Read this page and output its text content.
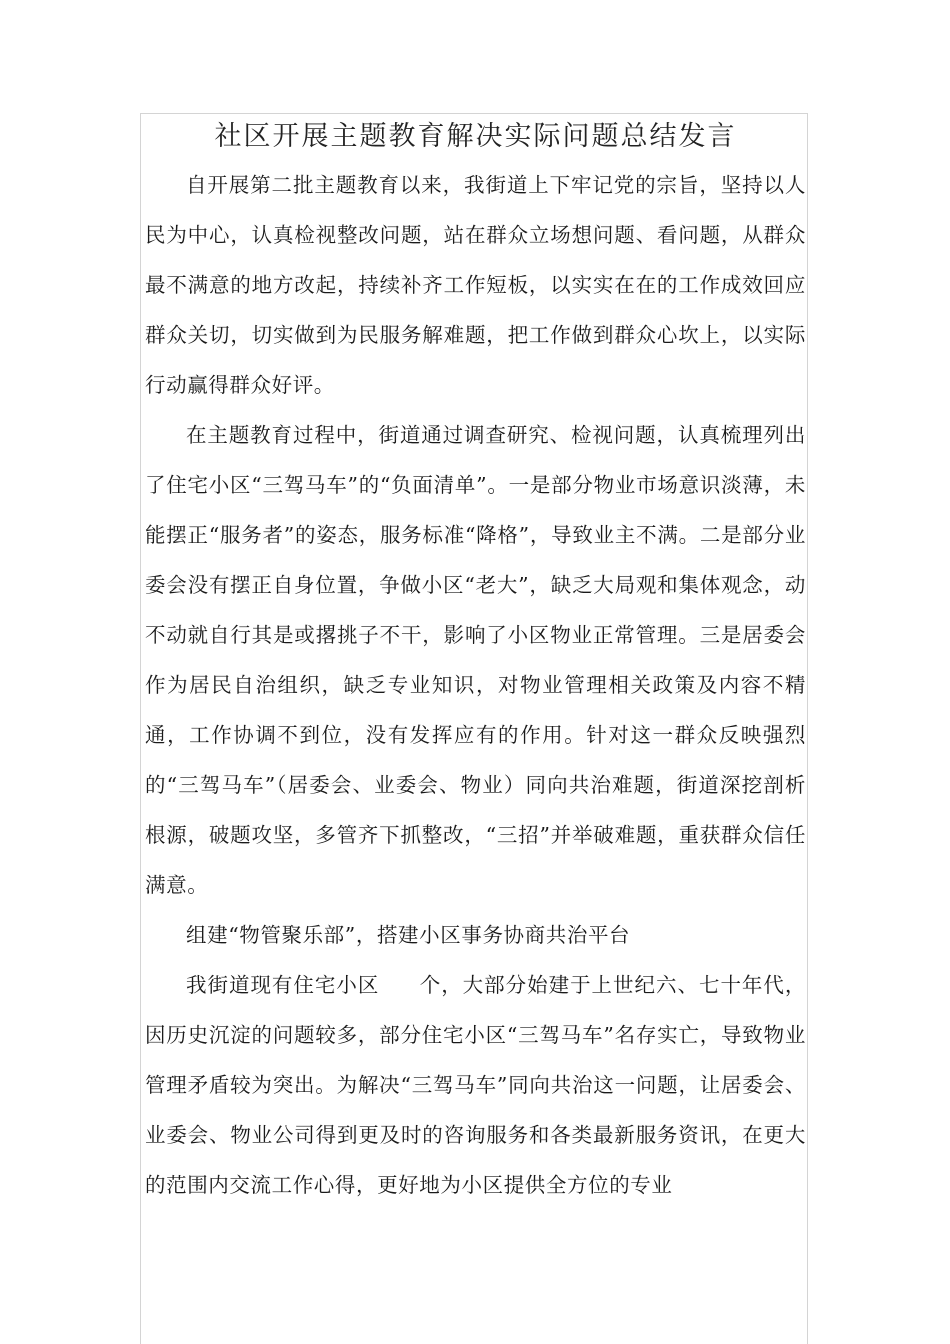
社区开展主题教育解决实际问题总结发言

自开展第二批主题教育以来，我街道上下牢记党的宗旨，坚持以人民为中心，认真检视整改问题，站在群众立场想问题、看问题，从群众最不满意的地方改起，持续补齐工作短板，以实实在在的工作成效回应群众关切，切实做到为民服务解难题，把工作做到群众心坎上，以实际行动赢得群众好评。

在主题教育过程中，街道通过调查研究、检视问题，认真梳理列出了住宅小区“三驾马车”的“负面清单”。一是部分物业市场意识淡薄，未能摆正“服务者”的姿态，服务标准“降格”，导致业主不满。二是部分业委会没有摆正自身位置，争做小区“老大”，缺乏大局观和集体观念，动不动就自行其是或撂挑子不干，影响了小区物业正常管理。三是居委会作为居民自治组织，缺乏专业知识，对物业管理相关政策及内容不精通，工作协调不到位，没有发挥应有的作用。针对这一群众反映强烈的“三驾马车”（居委会、业委会、物业）同向共治难题，街道深挖剖析根源，破题攻坚，多管齐下抓整改，“三招”并举破难题，重获群众信任满意。

组建“物管聚乐部”，搭建小区事务协商共治平台

我街道现有住宅小区 个，大部分始建于上世纪六、七十年代，因历史沉淀的问题较多，部分住宅小区“三驾马车”名存实亡，导致物业管理矛盾较为突出。为解决“三驾马车”同向共治这一问题，让居委会、业委会、物业公司得到更及时的咨询服务和各类最新服务资讯，在更大的范围内交流工作心得，更好地为小区提供全方位的专业
